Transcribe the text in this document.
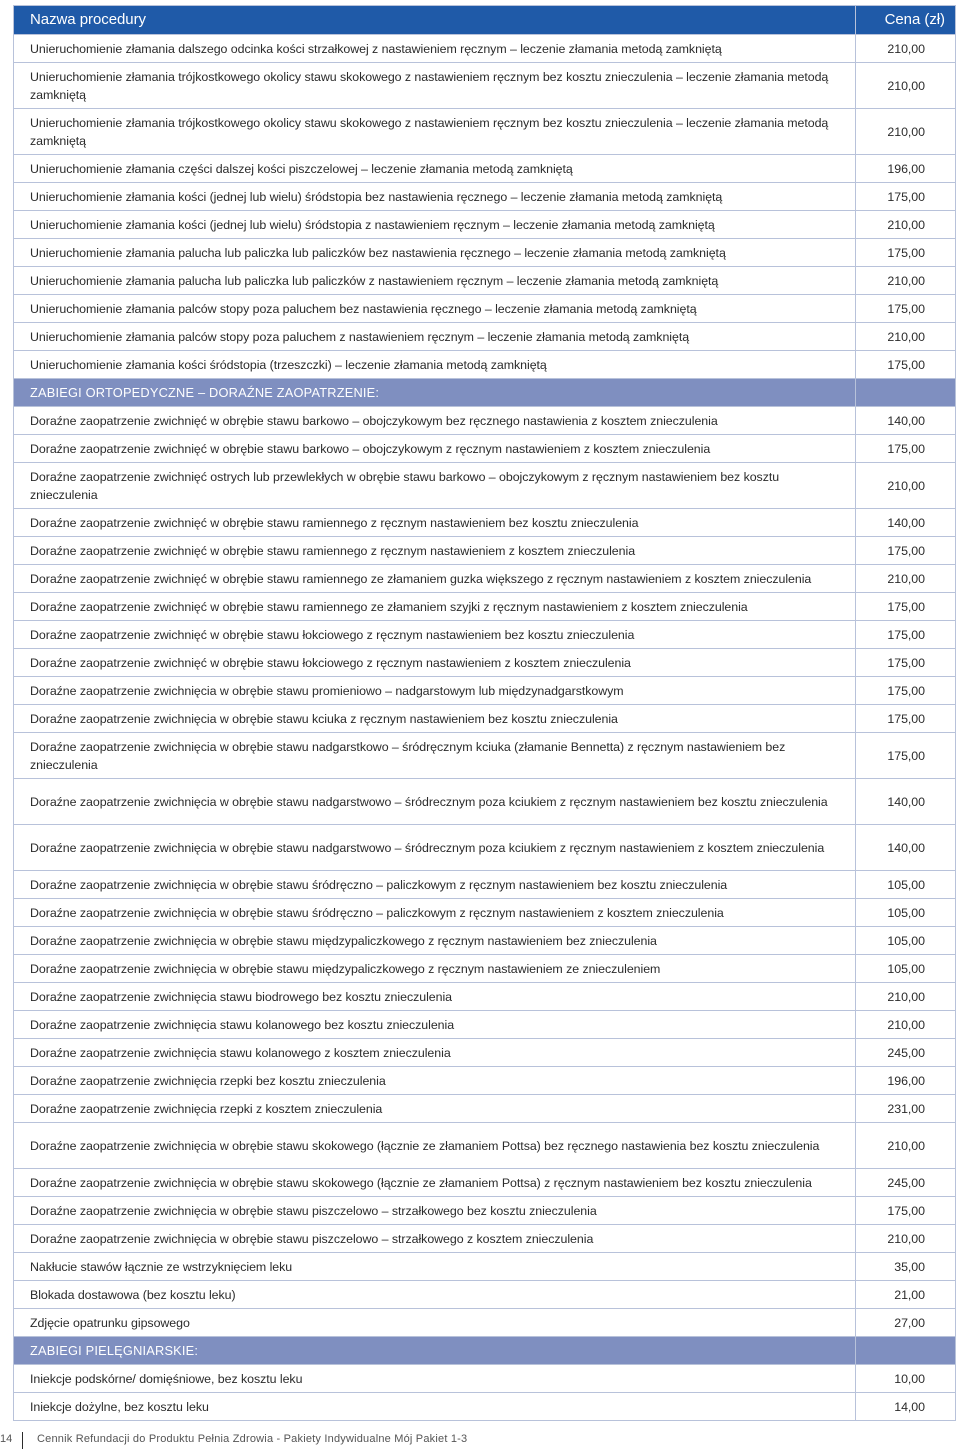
Nazwa procedury	Cena (zł)
Unieruchomienie złamania dalszego odcinka kości strzałkowej z nastawieniem ręcznym – leczenie złamania metodą zamkniętą	210,00
Unieruchomienie złamania trójkostkowego okolicy stawu skokowego z nastawieniem ręcznym bez kosztu znieczulenia – leczenie złamania metodą zamkniętą	210,00
Unieruchomienie złamania trójkostkowego okolicy stawu skokowego z nastawieniem ręcznym bez kosztu znieczulenia – leczenie złamania metodą zamkniętą	210,00
Unieruchomienie złamania części dalszej kości piszczelowej – leczenie złamania metodą zamkniętą	196,00
Unieruchomienie złamania kości (jednej lub wielu) śródstopia bez nastawienia ręcznego – leczenie złamania metodą zamkniętą	175,00
Unieruchomienie złamania kości (jednej lub wielu) śródstopia z nastawieniem ręcznym – leczenie złamania metodą zamkniętą	210,00
Unieruchomienie złamania palucha lub paliczka lub paliczków bez nastawienia ręcznego – leczenie złamania metodą zamkniętą	175,00
Unieruchomienie złamania palucha lub paliczka lub paliczków z nastawieniem ręcznym – leczenie złamania metodą zamkniętą	210,00
Unieruchomienie złamania palców stopy poza paluchem bez nastawienia ręcznego – leczenie złamania metodą zamkniętą	175,00
Unieruchomienie złamania palców stopy poza paluchem z nastawieniem ręcznym – leczenie złamania metodą zamkniętą	210,00
Unieruchomienie złamania kości śródstopia (trzeszczki) – leczenie złamania metodą zamkniętą	175,00
ZABIEGI ORTOPEDYCZNE – DORAŹNE ZAOPATRZENIE:	
Doraźne zaopatrzenie zwichnięć w obrębie stawu barkowo – obojczykowym bez ręcznego nastawienia z kosztem znieczulenia	140,00
Doraźne zaopatrzenie zwichnięć w obrębie stawu barkowo – obojczykowym z ręcznym nastawieniem z kosztem znieczulenia	175,00
Doraźne zaopatrzenie zwichnięć ostrych lub przewlekłych w obrębie stawu barkowo – obojczykowym z ręcznym nastawieniem bez kosztu znieczulenia	210,00
Doraźne zaopatrzenie zwichnięć w obrębie stawu ramiennego z ręcznym nastawieniem bez kosztu znieczulenia	140,00
Doraźne zaopatrzenie zwichnięć w obrębie stawu ramiennego z ręcznym nastawieniem z kosztem znieczulenia	175,00
Doraźne zaopatrzenie zwichnięć w obrębie stawu ramiennego ze złamaniem guzka większego z ręcznym nastawieniem z kosztem znieczulenia	210,00
Doraźne zaopatrzenie zwichnięć w obrębie stawu ramiennego ze złamaniem szyjki z ręcznym nastawieniem z kosztem znieczulenia	175,00
Doraźne zaopatrzenie zwichnięć w obrębie stawu łokciowego z ręcznym nastawieniem bez kosztu znieczulenia	175,00
Doraźne zaopatrzenie zwichnięć w obrębie stawu łokciowego z ręcznym nastawieniem z kosztem znieczulenia	175,00
Doraźne zaopatrzenie zwichnięcia w obrębie stawu promieniowo – nadgarstowym lub międzynadgarstkowym	175,00
Doraźne zaopatrzenie zwichnięcia w obrębie stawu kciuka z ręcznym nastawieniem bez kosztu znieczulenia	175,00
Doraźne zaopatrzenie zwichnięcia w obrębie stawu nadgarstkowo – śródręcznym kciuka (złamanie Bennetta) z ręcznym nastawieniem bez znieczulenia	175,00
Doraźne zaopatrzenie zwichnięcia w obrębie stawu nadgarstwowo – śródrecznym poza kciukiem z ręcznym nastawieniem bez kosztu znieczulenia	140,00
Doraźne zaopatrzenie zwichnięcia w obrębie stawu nadgarstwowo – śródrecznym poza kciukiem z ręcznym nastawieniem z kosztem znieczulenia	140,00
Doraźne zaopatrzenie zwichnięcia w obrębie stawu śródręczno – paliczkowym z ręcznym nastawieniem bez kosztu znieczulenia	105,00
Doraźne zaopatrzenie zwichnięcia w obrębie stawu śródręczno – paliczkowym z ręcznym nastawieniem z kosztem znieczulenia	105,00
Doraźne zaopatrzenie zwichnięcia w obrębie stawu międzypaliczkowego z ręcznym nastawieniem bez znieczulenia	105,00
Doraźne zaopatrzenie zwichnięcia w obrębie stawu międzypaliczkowego z ręcznym nastawieniem ze znieczuleniem	105,00
Doraźne zaopatrzenie zwichnięcia stawu biodrowego bez kosztu znieczulenia	210,00
Doraźne zaopatrzenie zwichnięcia stawu kolanowego bez kosztu znieczulenia	210,00
Doraźne zaopatrzenie zwichnięcia stawu kolanowego z kosztem znieczulenia	245,00
Doraźne zaopatrzenie zwichnięcia rzepki bez kosztu znieczulenia	196,00
Doraźne zaopatrzenie zwichnięcia rzepki z kosztem znieczulenia	231,00
Doraźne zaopatrzenie zwichnięcia w obrębie stawu skokowego (łącznie ze złamaniem Pottsa) bez ręcznego nastawienia bez kosztu znieczulenia	210,00
Doraźne zaopatrzenie zwichnięcia w obrębie stawu skokowego (łącznie ze złamaniem Pottsa) z ręcznym nastawieniem bez kosztu znieczulenia	245,00
Doraźne zaopatrzenie zwichnięcia w obrębie stawu piszczelowo – strzałkowego bez kosztu znieczulenia	175,00
Doraźne zaopatrzenie zwichnięcia w obrębie stawu piszczelowo – strzałkowego z kosztem znieczulenia	210,00
Nakłucie stawów łącznie ze wstrzyknięciem leku	35,00
Blokada dostawowa (bez kosztu leku)	21,00
Zdjęcie opatrunku gipsowego	27,00
ZABIEGI PIELĘGNIARSKIE:	
Iniekcje podskórne/ domięśniowe, bez kosztu leku	10,00
Iniekcje dożylne, bez kosztu leku	14,00
14 Cennik Refundacji do Produktu Pełnia Zdrowia - Pakiety Indywidualne Mój Pakiet 1-3
